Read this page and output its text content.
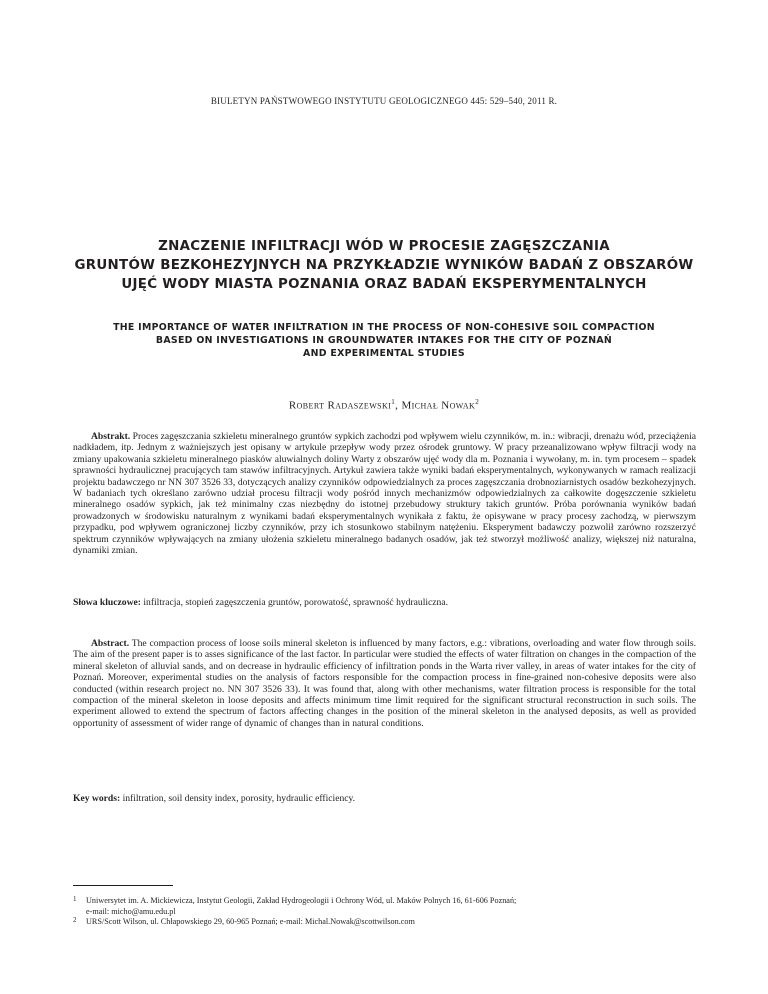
BIULETYN PAŃSTWOWEGO INSTYTUTU GEOLOGICZNEGO 445: 529–540, 2011 R.
ZNACZENIE INFILTRACJI WÓD W PROCESIE ZAGĘSZCZANIA
GRUNTÓW BEZKOHEZYJNYCH NA PRZYKŁADZIE WYNIKÓW BADAŃ Z OBSZARÓW
UJĘĆ WODY MIASTA POZNANIA ORAZ BADAŃ EKSPERYMENTALNYCH
THE IMPORTANCE OF WATER INFILTRATION IN THE PROCESS OF NON-COHESIVE SOIL COMPACTION
BASED ON INVESTIGATIONS IN GROUNDWATER INTAKES FOR THE CITY OF POZNAŃ
AND EXPERIMENTAL STUDIES
Robert Radaszewski$^1$, Michał Nowak$^2$
Abstrakt. Proces zagęszczania szkieletu mineralnego gruntów sypkich zachodzi pod wpływem wielu czynników, m. in.: wibracji, drenażu wód, przeciążenia nadkładem, itp. Jednym z ważniejszych jest opisany w artykule przepływ wody przez ośrodek gruntowy. W pracy przeanalizowano wpływ filtracji wody na zmiany upakowania szkieletu mineralnego piasków aluwialnych doliny Warty z obszarów ujęć wody dla m. Poznania i wywołany, m. in. tym procesem – spadek sprawności hydraulicznej pracujących tam stawów infiltracyjnych. Artykuł zawiera także wyniki badań eksperymentalnych, wykonywanych w ramach realizacji projektu badawczego nr NN 307 3526 33, dotyczących analizy czynników odpowiedzialnych za proces zagęszczania drobnoziarnistych osadów bezkohezyjnych. W badaniach tych określano zarówno udział procesu filtracji wody pośród innych mechanizmów odpowiedzialnych za całkowite dogęszczenie szkieletu mineralnego osadów sypkich, jak też minimalny czas niezbędny do istotnej przebudowy struktury takich gruntów. Próba porównania wyników badań prowadzonych w środowisku naturalnym z wynikami badań eksperymentalnych wynikała z faktu, że opisywane w pracy procesy zachodzą, w pierwszym przypadku, pod wpływem ograniczonej liczby czynników, przy ich stosunkowo stabilnym natężeniu. Eksperyment badawczy pozwolił zarówno rozszerzyć spektrum czynników wpływających na zmiany ułożenia szkieletu mineralnego badanych osadów, jak też stworzył możliwość analizy, większej niż naturalna, dynamiki zmian.
Słowa kluczowe: infiltracja, stopień zagęszczenia gruntów, porowatość, sprawność hydrauliczna.
Abstract. The compaction process of loose soils mineral skeleton is influenced by many factors, e.g.: vibrations, overloading and water flow through soils. The aim of the present paper is to asses significance of the last factor. In particular were studied the effects of water filtration on changes in the compaction of the mineral skeleton of alluvial sands, and on decrease in hydraulic efficiency of infiltration ponds in the Warta river valley, in areas of water intakes for the city of Poznań. Moreover, experimental studies on the analysis of factors responsible for the compaction process in fine-grained non-cohesive deposits were also conducted (within research project no. NN 307 3526 33). It was found that, along with other mechanisms, water filtration process is responsible for the total compaction of the mineral skeleton in loose deposits and affects minimum time limit required for the significant structural reconstruction in such soils. The experiment allowed to extend the spectrum of factors affecting changes in the position of the mineral skeleton in the analysed deposits, as well as provided opportunity of assessment of wider range of dynamic of changes than in natural conditions.
Key words: infiltration, soil density index, porosity, hydraulic efficiency.
1 Uniwersytet im. A. Mickiewicza, Instytut Geologii, Zakład Hydrogeologii i Ochrony Wód, ul. Maków Polnych 16, 61-606 Poznań;
e-mail: micho@amu.edu.pl
2 URS/Scott Wilson, ul. Chłapowskiego 29, 60-965 Poznań; e-mail: Michal.Nowak@scottwilson.com
